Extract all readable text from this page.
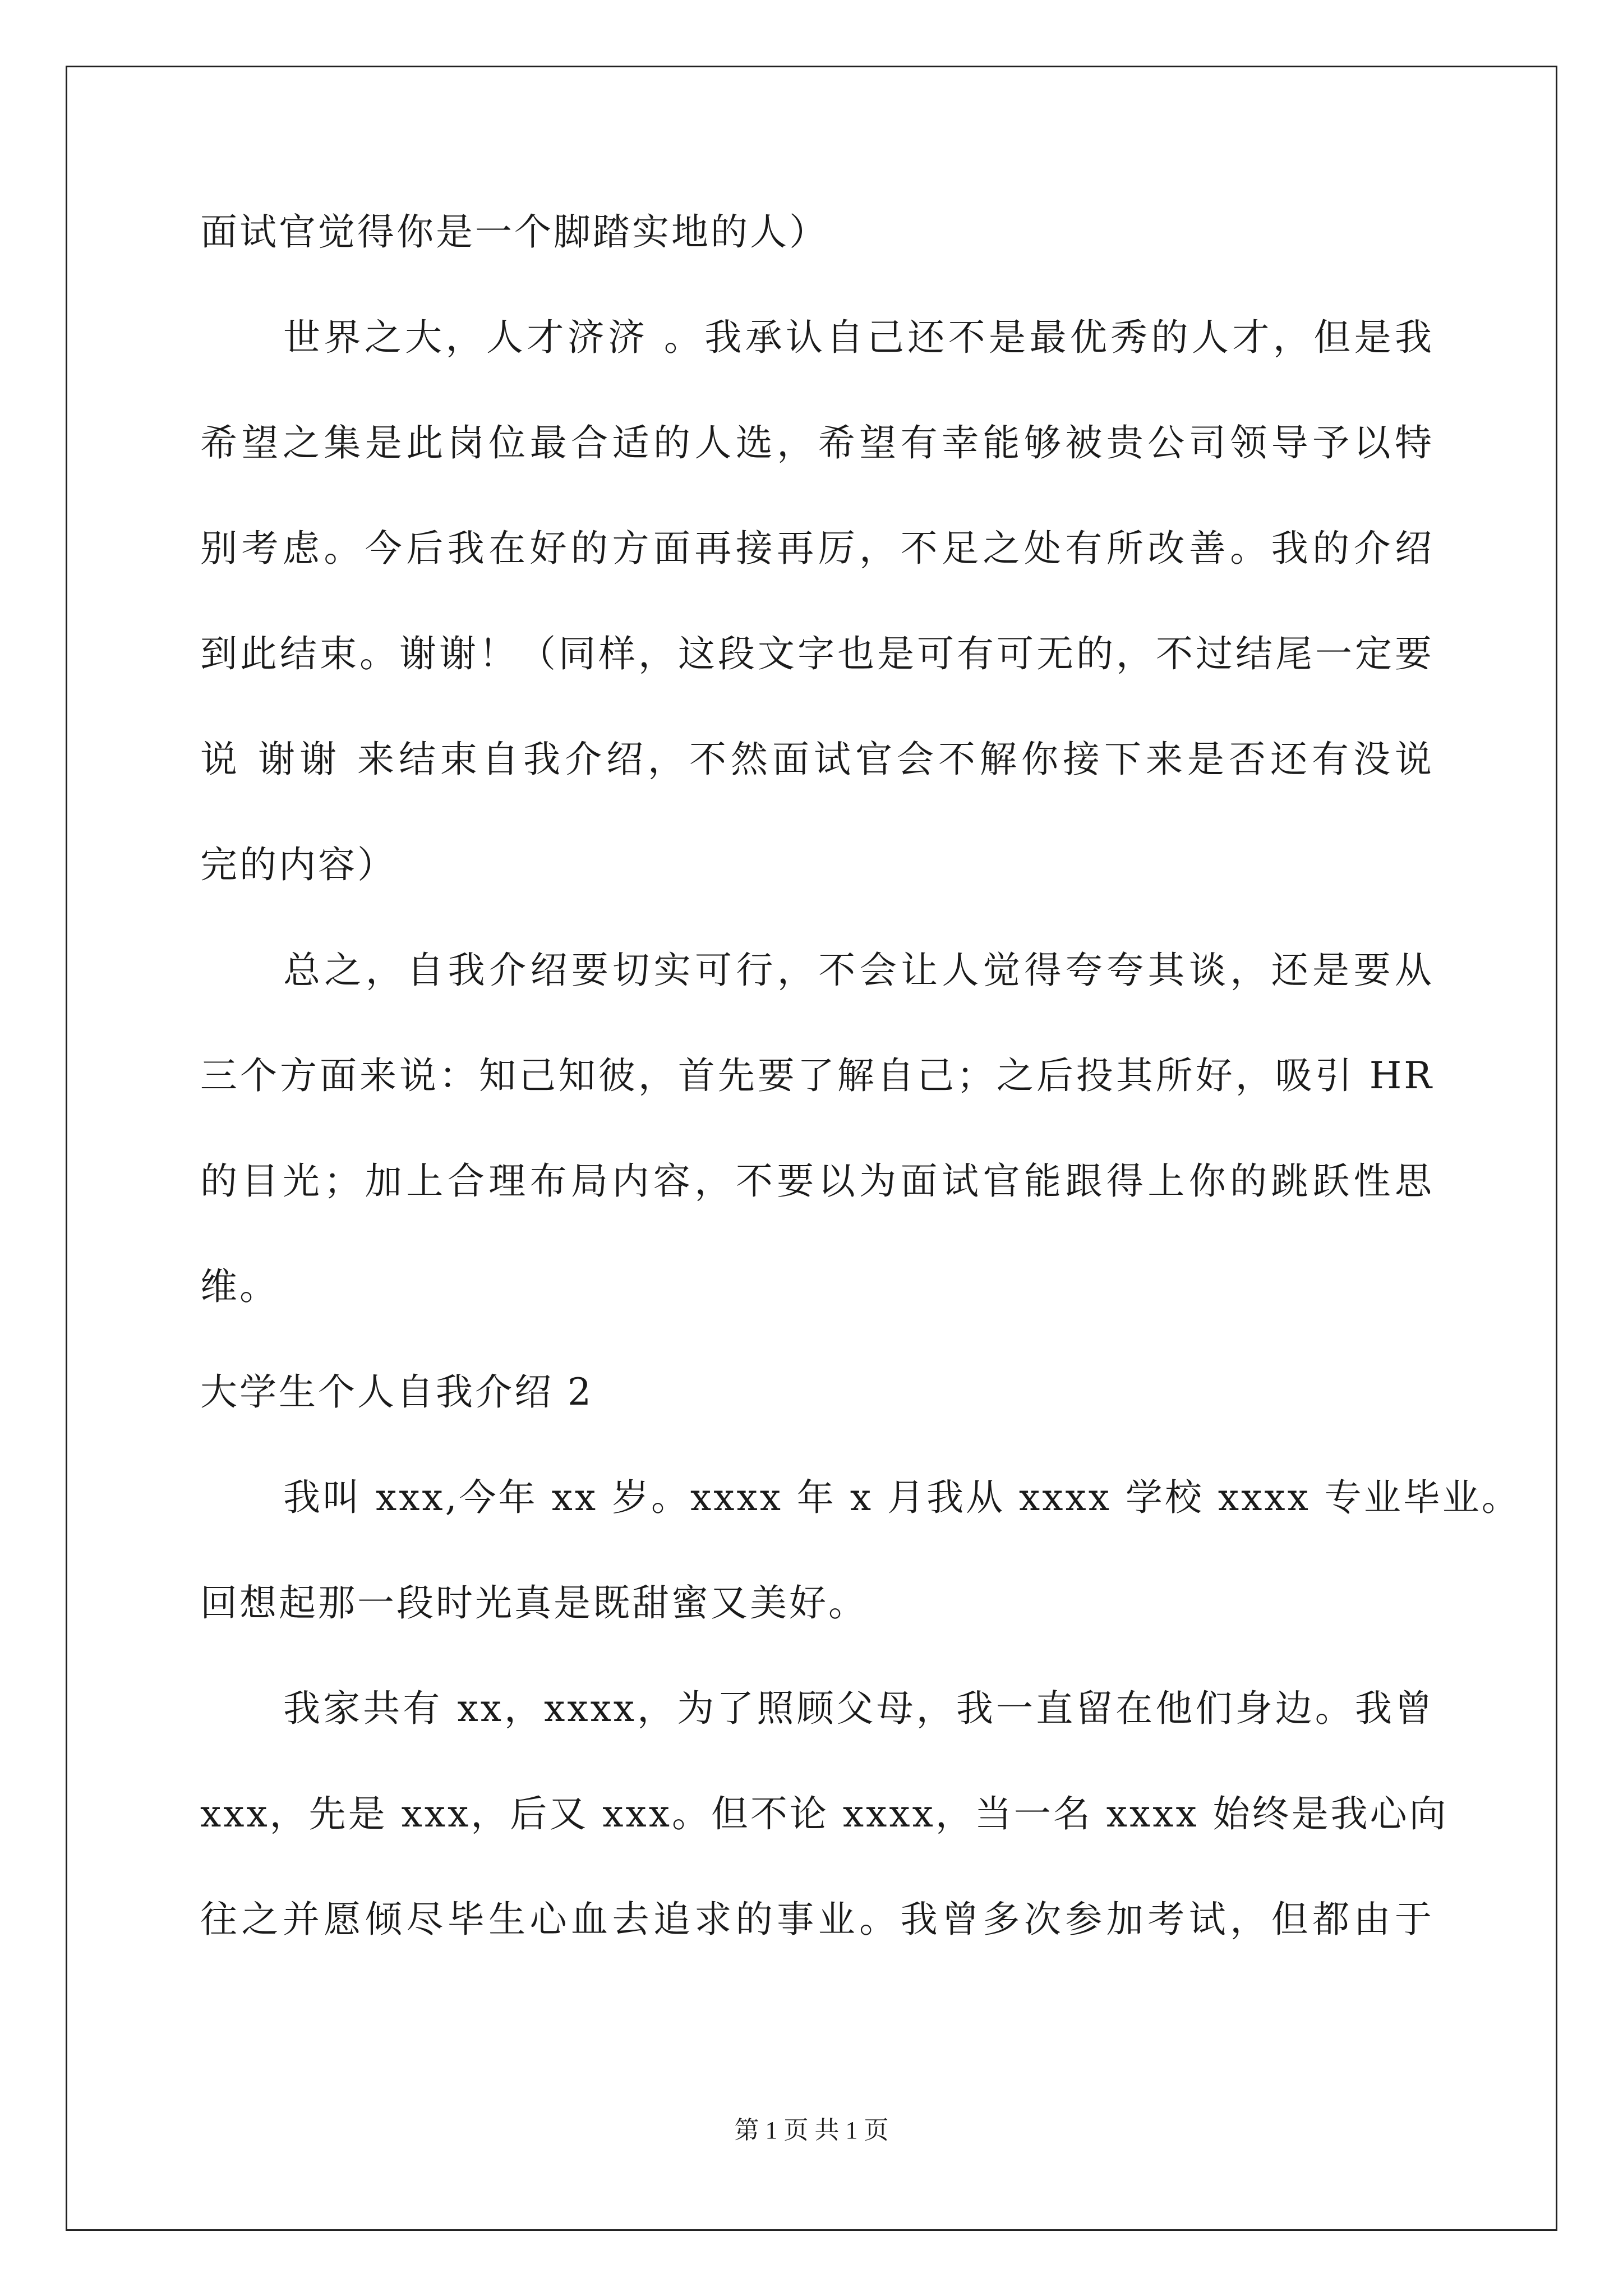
面试官觉得你是一个脚踏实地的人）
世界之大，人才济济 。我承认自己还不是最优秀的人才，但是我
希望之集是此岗位最合适的人选，希望有幸能够被贵公司领导予以特
别考虑。今后我在好的方面再接再厉，不足之处有所改善。我的介绍
到此结束。谢谢！（同样，这段文字也是可有可无的，不过结尾一定要
说 谢谢 来结束自我介绍，不然面试官会不解你接下来是否还有没说
完的内容）
总之，自我介绍要切实可行，不会让人觉得夸夸其谈，还是要从
三个方面来说：知己知彼，首先要了解自己；之后投其所好，吸引 HR
的目光；加上合理布局内容，不要以为面试官能跟得上你的跳跃性思
维。
大学生个人自我介绍 2
我叫 xxx,今年 xx 岁。xxxx 年 x 月我从 xxxx 学校 xxxx 专业毕业。
回想起那一段时光真是既甜蜜又美好。
我家共有 xx，xxxx，为了照顾父母，我一直留在他们身边。我曾
xxx，先是 xxx，后又 xxx。但不论 xxxx，当一名 xxxx 始终是我心向
往之并愿倾尽毕生心血去追求的事业。我曾多次参加考试，但都由于
第 1 页 共 1 页
